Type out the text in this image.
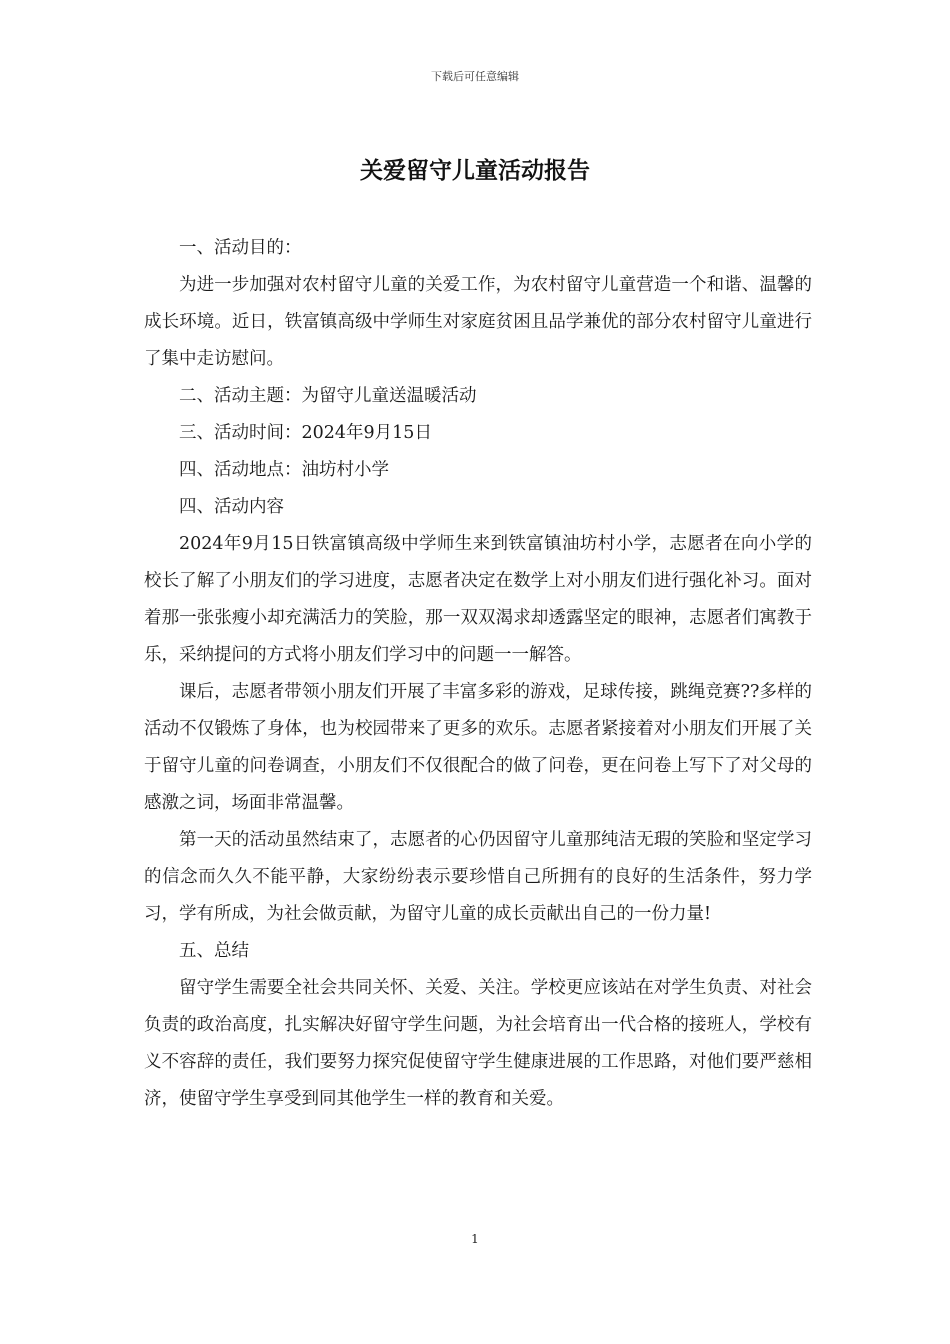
下载后可任意编辑
关爱留守儿童活动报告

一、活动目的：

为进一步加强对农村留守儿童的关爱工作，为农村留守儿童营造一个和谐、温馨的成长环境。近日，铁富镇高级中学师生对家庭贫困且品学兼优的部分农村留守儿童进行了集中走访慰问。

二、活动主题：为留守儿童送温暖活动

三、活动时间：2024年9月15日

四、活动地点：油坊村小学

四、活动内容

2024年9月15日铁富镇高级中学师生来到铁富镇油坊村小学，志愿者在向小学的校长了解了小朋友们的学习进度，志愿者决定在数学上对小朋友们进行强化补习。面对着那一张张瘦小却充满活力的笑脸，那一双双渴求却透露坚定的眼神，志愿者们寓教于乐，采纳提问的方式将小朋友们学习中的问题一一解答。

课后，志愿者带领小朋友们开展了丰富多彩的游戏，足球传接，跳绳竞赛??多样的活动不仅锻炼了身体，也为校园带来了更多的欢乐。志愿者紧接着对小朋友们开展了关于留守儿童的问卷调查，小朋友们不仅很配合的做了问卷，更在问卷上写下了对父母的感激之词，场面非常温馨。

第一天的活动虽然结束了，志愿者的心仍因留守儿童那纯洁无瑕的笑脸和坚定学习的信念而久久不能平静，大家纷纷表示要珍惜自己所拥有的良好的生活条件，努力学习，学有所成，为社会做贡献，为留守儿童的成长贡献出自己的一份力量!

五、总结

留守学生需要全社会共同关怀、关爱、关注。学校更应该站在对学生负责、对社会负责的政治高度，扎实解决好留守学生问题，为社会培育出一代合格的接班人，学校有义不容辞的责任，我们要努力探究促使留守学生健康进展的工作思路，对他们要严慈相济，使留守学生享受到同其他学生一样的教育和关爱。

1
